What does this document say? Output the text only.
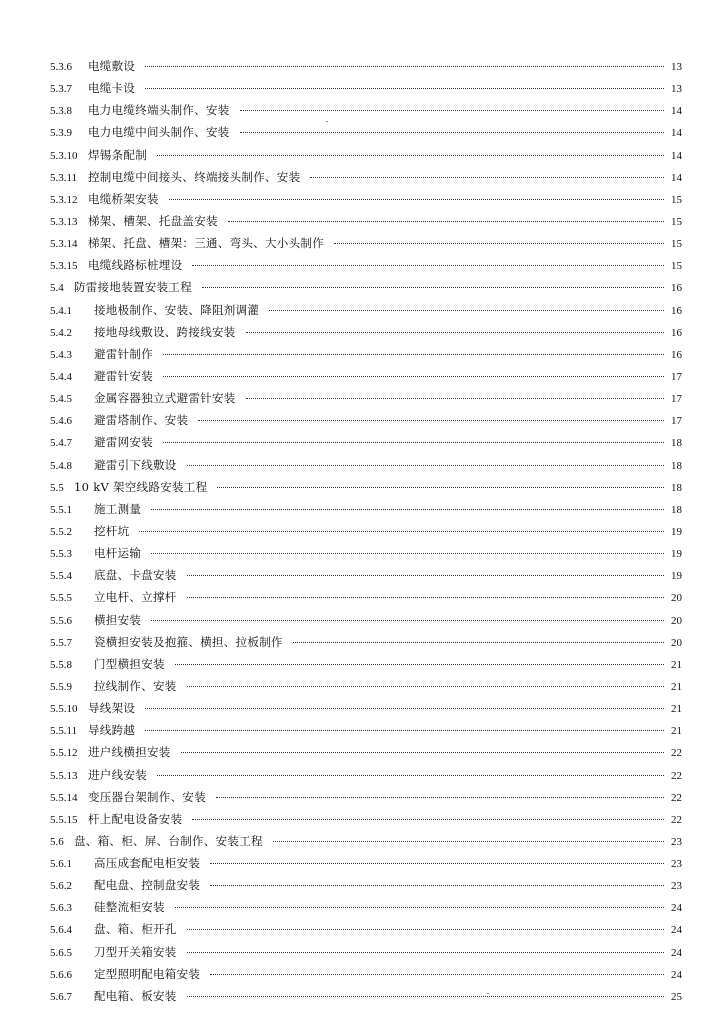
5.3.6	电缆敷设	13
5.3.7	电缆卡设	13
5.3.8	电力电缆终端头制作、安装	14
5.3.9	电力电缆中间头制作、安装	14
5.3.10 焊锡条配制	14
5.3.11 控制电缆中间接头、终端接头制作、安装	14
5.3.12 电缆桥架安装	15
5.3.13 梯架、槽架、托盘盖安装	15
5.3.14 梯架、托盘、槽架：三通、弯头、大小头制作	15
5.3.15 电缆线路标桩埋设	15
5.4 防雷接地装置安装工程	16
5.4.1	接地极制作、安装、降阻剂调灌	16
5.4.2	接地母线敷设、跨接线安装	16
5.4.3	避雷针制作	16
5.4.4	避雷针安装	17
5.4.5	金属容器独立式避雷针安装	17
5.4.6	避雷塔制作、安装	17
5.4.7	避雷网安装	18
5.4.8	避雷引下线敷设	18
5.5 10 kV 架空线路安装工程	18
5.5.1	施工测量	18
5.5.2	挖杆坑	19
5.5.3	电杆运输	19
5.5.4	底盘、卡盘安装	19
5.5.5	立电杆、立撑杆	20
5.5.6	横担安装	20
5.5.7	瓷横担安装及抱箍、横担、拉板制作	20
5.5.8	门型横担安装	21
5.5.9	拉线制作、安装	21
5.5.10 导线架设	21
5.5.11 导线跨越	21
5.5.12 进户线横担安装	22
5.5.13 进户线安装	22
5.5.14 变压器台架制作、安装	22
5.5.15 杆上配电设备安装	22
5.6 盘、箱、柜、屏、台制作、安装工程	23
5.6.1	高压成套配电柜安装	23
5.6.2	配电盘、控制盘安装	23
5.6.3	硅整流柜安装	24
5.6.4	盘、箱、柜开孔	24
5.6.5	刀型开关箱安装	24
5.6.6	定型照明配电箱安装	24
5.6.7	配电箱、板安装	25
